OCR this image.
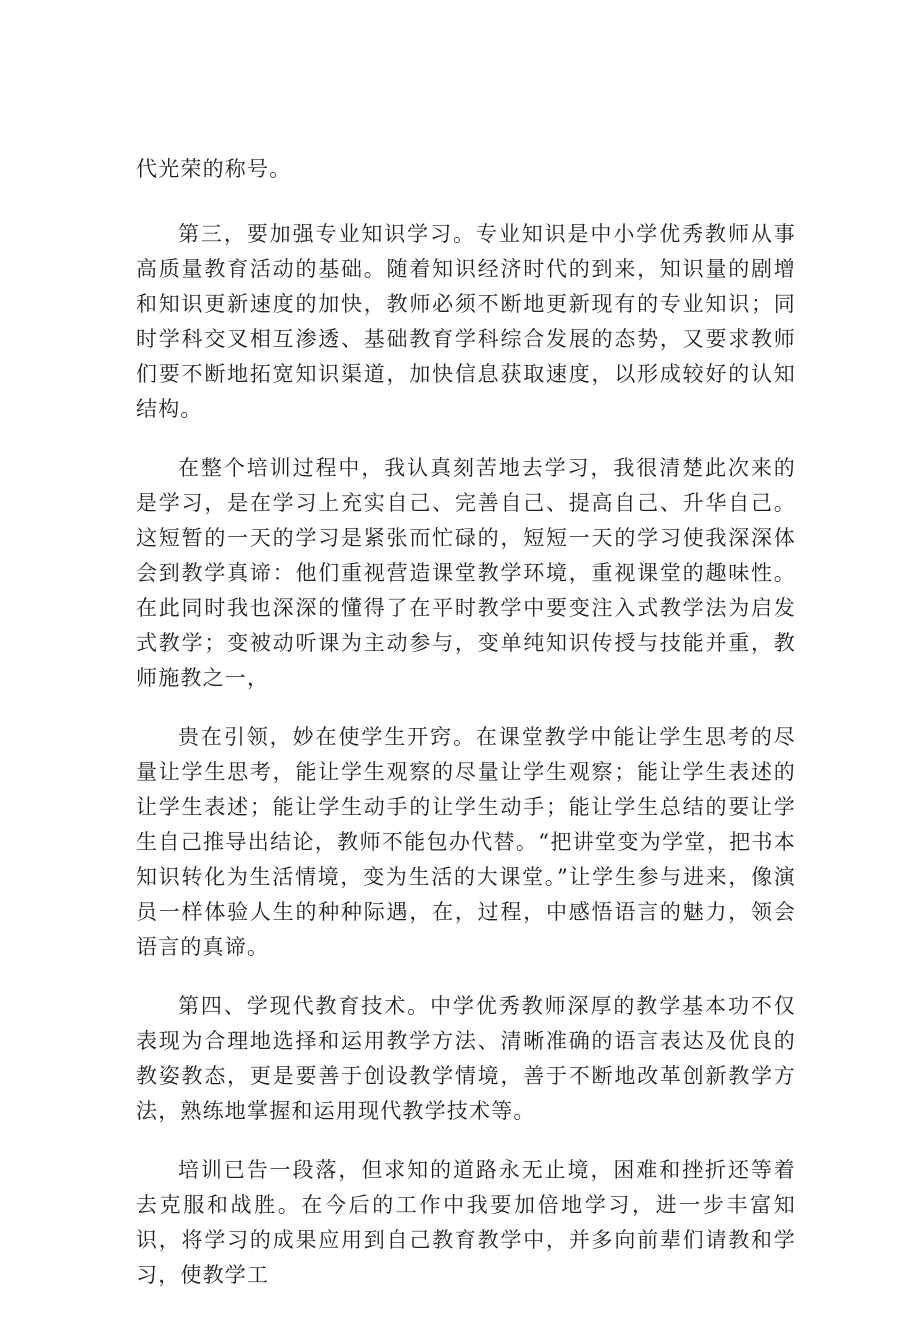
代光荣的称号。

第三，要加强专业知识学习。专业知识是中小学优秀教师从事高质量教育活动的基础。随着知识经济时代的到来，知识量的剧增和知识更新速度的加快，教师必须不断地更新现有的专业知识；同时学科交叉相互渗透、基础教育学科综合发展的态势，又要求教师们要不断地拓宽知识渠道，加快信息获取速度，以形成较好的认知结构。

在整个培训过程中，我认真刻苦地去学习，我很清楚此次来的是学习，是在学习上充实自己、完善自己、提高自己、升华自己。这短暂的一天的学习是紧张而忙碌的，短短一天的学习使我深深体会到教学真谛：他们重视营造课堂教学环境，重视课堂的趣味性。在此同时我也深深的懂得了在平时教学中要变注入式教学法为启发式教学；变被动听课为主动参与，变单纯知识传授与技能并重，教师施教之一，

贵在引领，妙在使学生开窍。在课堂教学中能让学生思考的尽量让学生思考，能让学生观察的尽量让学生观察；能让学生表述的让学生表述；能让学生动手的让学生动手；能让学生总结的要让学生自己推导出结论，教师不能包办代替。“把讲堂变为学堂，把书本知识转化为生活情境，变为生活的大课堂。”让学生参与进来，像演员一样体验人生的种种际遇，在，过程，中感悟语言的魅力，领会语言的真谛。

第四、学现代教育技术。中学优秀教师深厚的教学基本功不仅表现为合理地选择和运用教学方法、清晰准确的语言表达及优良的教姿教态，更是要善于创设教学情境，善于不断地改革创新教学方法，熟练地掌握和运用现代教学技术等。

培训已告一段落，但求知的道路永无止境，困难和挫折还等着去克服和战胜。在今后的工作中我要加倍地学习，进一步丰富知识，将学习的成果应用到自己教育教学中，并多向前辈们请教和学习，使教学工
